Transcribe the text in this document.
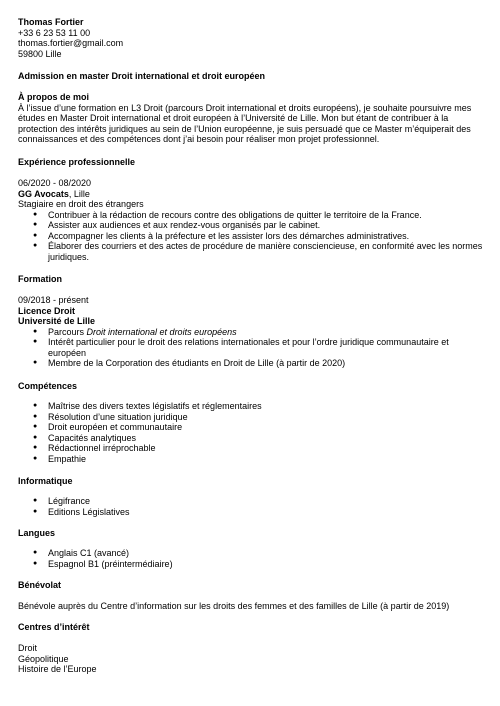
Thomas Fortier
+33 6 23 53 11 00
thomas.fortier@gmail.com
59800 Lille
Admission en master Droit international et droit européen
À propos de moi
À l’issue d’une formation en L3 Droit (parcours Droit international et droits européens), je souhaite poursuivre mes études en Master Droit international et droit européen à l’Université de Lille. Mon but étant de contribuer à la protection des intérêts juridiques au sein de l’Union européenne, je suis persuadé que ce Master m’équiperait des connaissances et des compétences dont j’ai besoin pour réaliser mon projet professionnel.
Expérience professionnelle
06/2020 - 08/2020
GG Avocats, Lille
Stagiaire en droit des étrangers
● Contribuer à la rédaction de recours contre des obligations de quitter le territoire de la France.
● Assister aux audiences et aux rendez-vous organisés par le cabinet.
● Accompagner les clients à la préfecture et les assister lors des démarches administratives.
● Élaborer des courriers et des actes de procédure de manière consciencieuse, en conformité avec les normes juridiques.
Formation
09/2018 - présent
Licence Droit
Université de Lille
● Parcours Droit international et droits européens
● Intérêt particulier pour le droit des relations internationales et pour l’ordre juridique communautaire et européen
● Membre de la Corporation des étudiants en Droit de Lille (à partir de 2020)
Compétences
● Maîtrise des divers textes législatifs et réglementaires
● Résolution d’une situation juridique
● Droit européen et communautaire
● Capacités analytiques
● Rédactionnel irréprochable
● Empathie
Informatique
● Légifrance
● Editions Législatives
Langues
● Anglais C1 (avancé)
● Espagnol B1 (préintermédiaire)
Bénévolat
Bénévole auprès du Centre d’information sur les droits des femmes et des familles de Lille (à partir de 2019)
Centres d’intérêt
Droit
Géopolitique
Histoire de l’Europe
